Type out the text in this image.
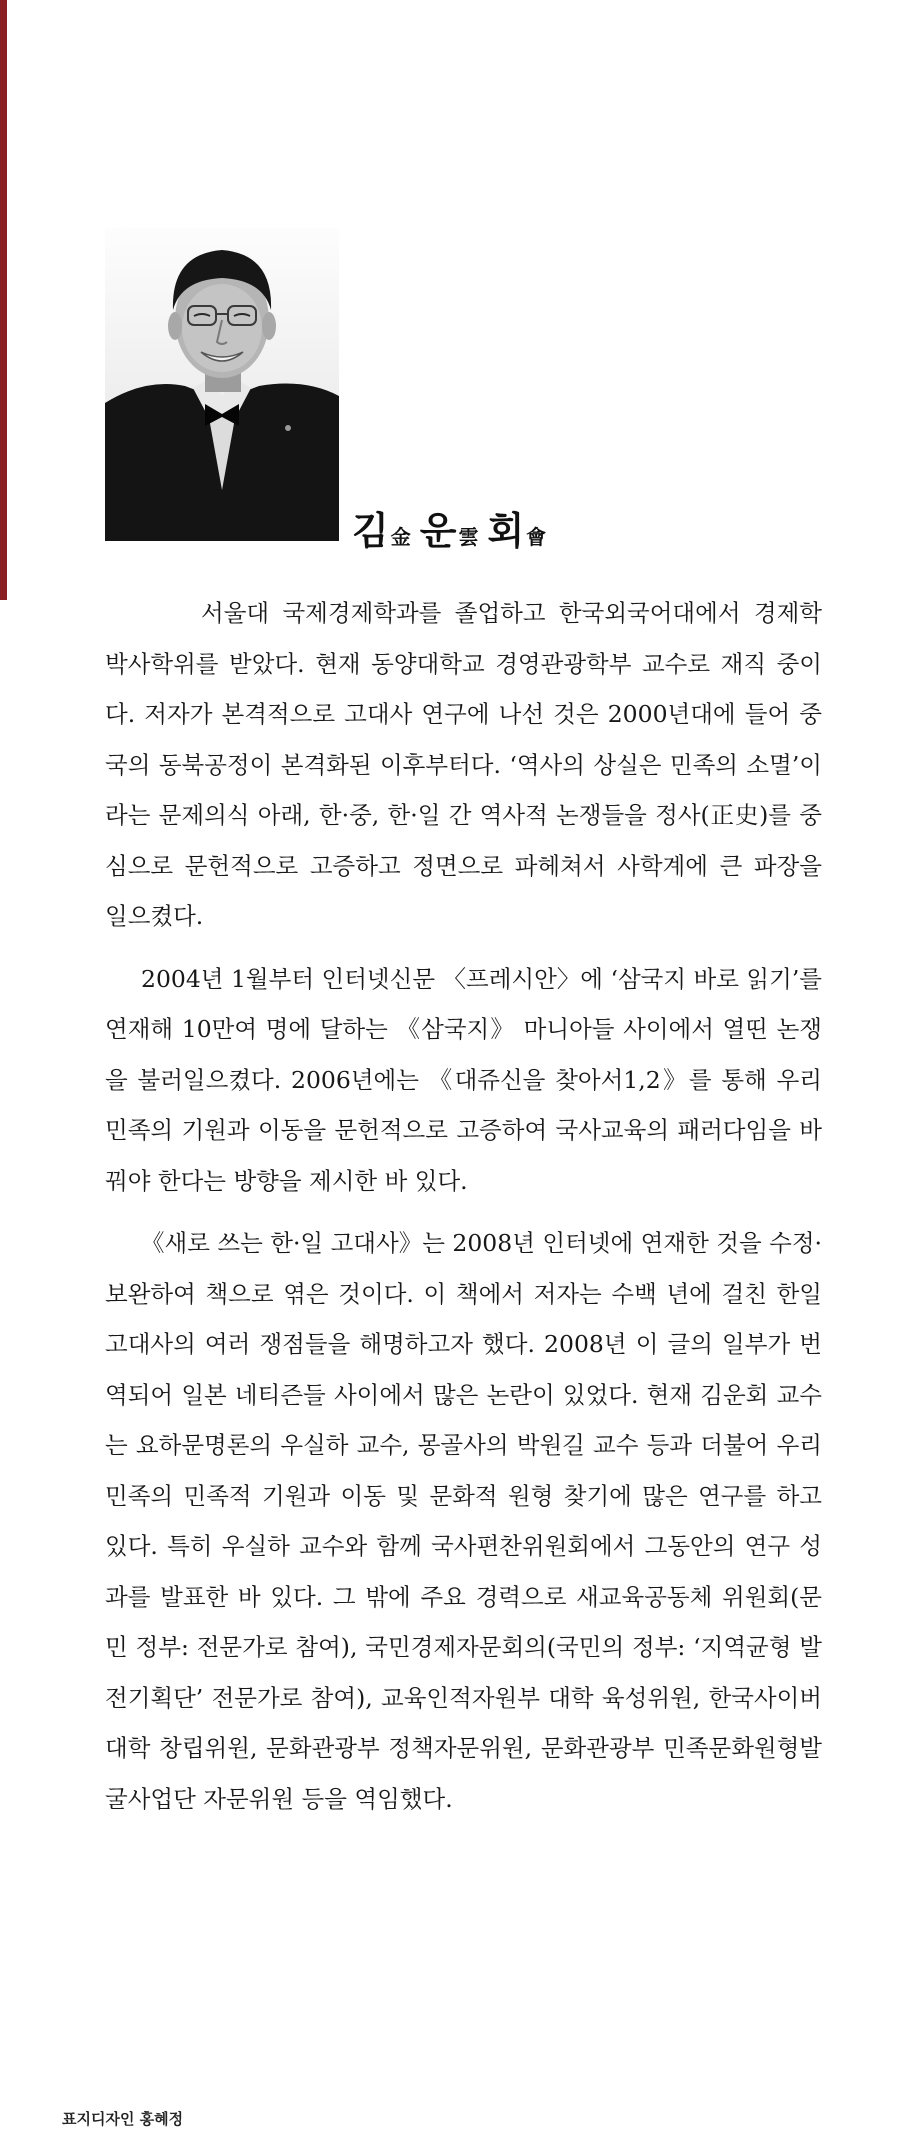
김金 운雲 회會

서울대 국제경제학과를 졸업하고 한국외국어대에서 경제학 박사학위를 받았다. 현재 동양대학교 경영관광학부 교수로 재직 중이다. 저자가 본격적으로 고대사 연구에 나선 것은 2000년대에 들어 중국의 동북공정이 본격화된 이후부터다. ‘역사의 상실은 민족의 소멸’이라는 문제의식 아래, 한·중, 한·일 간 역사적 논쟁들을 정사(正史)를 중심으로 문헌적으로 고증하고 정면으로 파헤쳐서 사학계에 큰 파장을 일으켰다.

2004년 1월부터 인터넷신문 〈프레시안〉에 ‘삼국지 바로 읽기’를 연재해 10만여 명에 달하는 《삼국지》 마니아들 사이에서 열띤 논쟁을 불러일으켰다. 2006년에는 《대쥬신을 찾아서1,2》를 통해 우리 민족의 기원과 이동을 문헌적으로 고증하여 국사교육의 패러다임을 바꿔야 한다는 방향을 제시한 바 있다.

《새로 쓰는 한·일 고대사》는 2008년 인터넷에 연재한 것을 수정·보완하여 책으로 엮은 것이다. 이 책에서 저자는 수백 년에 걸친 한일 고대사의 여러 쟁점들을 해명하고자 했다. 2008년 이 글의 일부가 번역되어 일본 네티즌들 사이에서 많은 논란이 있었다. 현재 김운회 교수는 요하문명론의 우실하 교수, 몽골사의 박원길 교수 등과 더불어 우리 민족의 민족적 기원과 이동 및 문화적 원형 찾기에 많은 연구를 하고 있다. 특히 우실하 교수와 함께 국사편찬위원회에서 그동안의 연구 성과를 발표한 바 있다. 그 밖에 주요 경력으로 새교육공동체 위원회(문민 정부: 전문가로 참여), 국민경제자문회의(국민의 정부: ‘지역균형 발전기획단’ 전문가로 참여), 교육인적자원부 대학 육성위원, 한국사이버대학 창립위원, 문화관광부 정책자문위원, 문화관광부 민족문화원형발굴사업단 자문위원 등을 역임했다.

표지디자인 홍혜정
